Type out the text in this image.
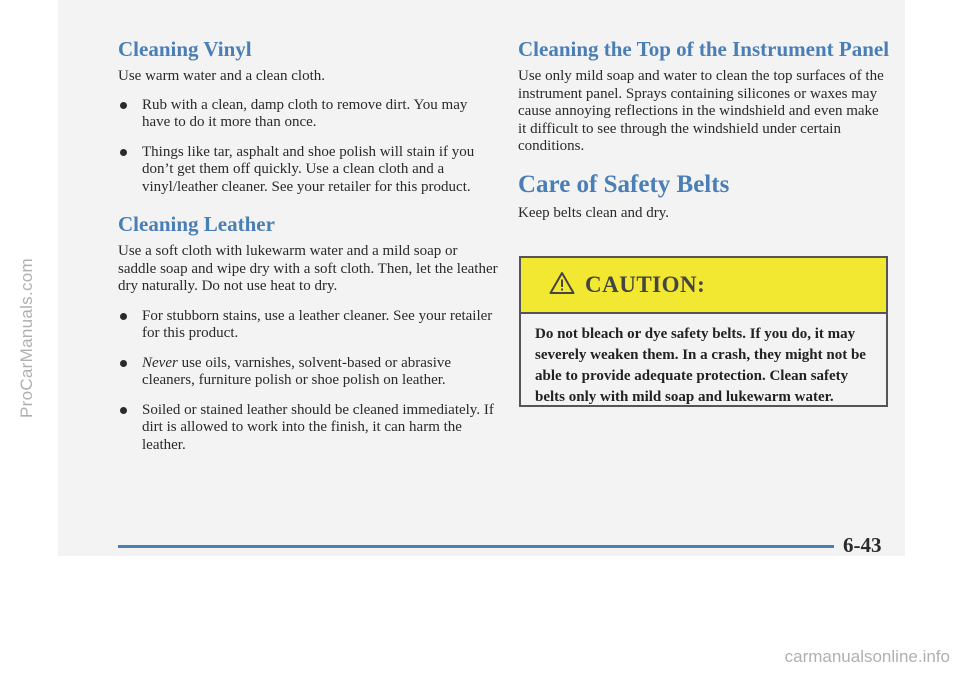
ProCarManuals.com
Cleaning Vinyl

Use warm water and a clean cloth.

Rub with a clean, damp cloth to remove dirt. You may have to do it more than once.
Things like tar, asphalt and shoe polish will stain if you don’t get them off quickly. Use a clean cloth and a vinyl/leather cleaner. See your retailer for this product.
Cleaning Leather

Use a soft cloth with lukewarm water and a mild soap or saddle soap and wipe dry with a soft cloth. Then, let the leather dry naturally. Do not use heat to dry.

For stubborn stains, use a leather cleaner. See your retailer for this product.
Never use oils, varnishes, solvent-based or abrasive cleaners, furniture polish or shoe polish on leather.
Soiled or stained leather should be cleaned immediately. If dirt is allowed to work into the finish, it can harm the leather.
Cleaning the Top of the Instrument Panel

Use only mild soap and water to clean the top surfaces of the instrument panel. Sprays containing silicones or waxes may cause annoying reflections in the windshield and even make it difficult to see through the windshield under certain conditions.

Care of Safety Belts

Keep belts clean and dry.

CAUTION:
Do not bleach or dye safety belts. If you do, it may severely weaken them. In a crash, they might not be able to provide adequate protection. Clean safety belts only with mild soap and lukewarm water.
6-43
carmanualsonline.info
